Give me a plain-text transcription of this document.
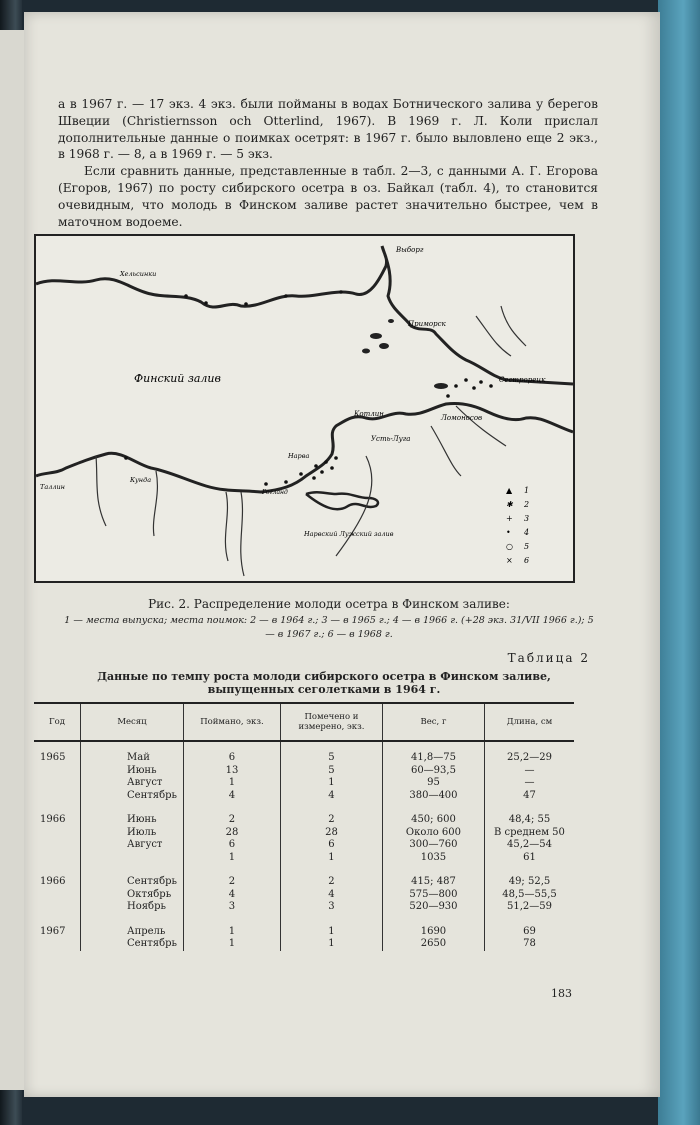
а в 1967 г. — 17 экз. 4 экз. были пойманы в водах Ботнического залива у берегов Швеции (Christiernsson och Otterlind, 1967). В 1969 г. Л. Коли прислал дополнительные данные о поимках осетрят: в 1967 г. было выловлено еще 2 экз., в 1968 г. — 8, а в 1969 г. — 5 экз.

Если сравнить данные, представленные в табл. 2—3, с данными А. Г. Егорова (Егоров, 1967) по росту сибирского осетра в оз. Байкал (табл. 4), то становится очевидным, что молодь в Финском заливе растет значительно быстрее, чем в маточном водоеме.

Финский залив
Выборг
Приморск
Сестрорецк
Ломоносов
Усть-Луга
Котлин
Нарва
Нарвский Лужский залив
Кунда
Таллин
Хельсинки
Гогланд	▲ 1
✱ 2
+ 3
• 4
○ 5
× 6
Рис. 2. Распределение молоди осетра в Финском заливе:
1 — места выпуска; места поимок: 2 — в 1964 г.; 3 — в 1965 г.; 4 — в 1966 г. (+28 экз. 31/VII 1966 г.); 5 — в 1967 г.; 6 — в 1968 г.
Таблица 2
Данные по темпу роста молоди сибирского осетра в Финском заливе, выпущенных сеголетками в 1964 г.
Год	Месяц	Поймано, экз.	Помечено и измерено, экз.	Вес, г	Длина, см
1965	Май	6	5	41,8—75	25,2—29
	Июнь	13	5	60—93,5	—
	Август	1	1	95	—
	Сентябрь	4	4	380—400	47

1966	Июнь	2	2	450; 600	48,4; 55
	Июль	28	28	Около 600	В среднем 50
	Август	6	6	300—760	45,2—54
		1	1	1035	61

1966	Сентябрь	2	2	415; 487	49; 52,5
	Октябрь	4	4	575—800	48,5—55,5
	Ноябрь	3	3	520—930	51,2—59

1967	Апрель	1	1	1690	69
	Сентябрь	1	1	2650	78
183
